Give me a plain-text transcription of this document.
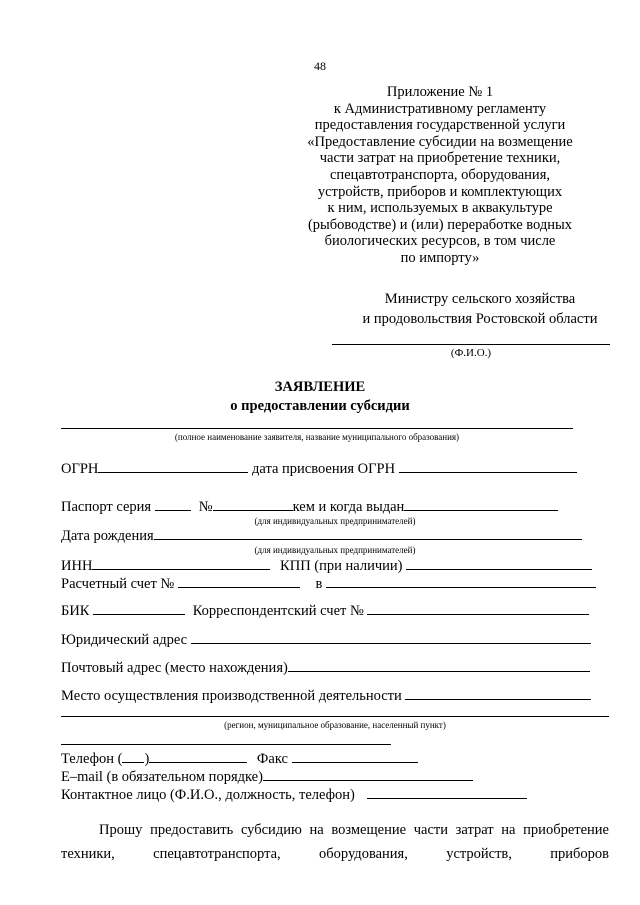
48
Приложение № 1
к Административному регламенту
предоставления государственной услуги
«Предоставление субсидии на возмещение
части затрат на приобретение техники,
спецавтотранспорта, оборудования,
устройств, приборов и комплектующих
к ним, используемых в аквакультуре
(рыбоводстве) и (или) переработке водных
биологических ресурсов, в том числе
по импорту»
Министру сельского хозяйства
и продовольствия Ростовской области
(Ф.И.О.)
ЗАЯВЛЕНИЕ
о предоставлении субсидии
(полное наименование заявителя, название муниципального образования)
ОГРН	дата присвоения ОГРН
Паспорт серия	№	кем и когда выдан
(для индивидуальных предпринимателей)
Дата рождения
(для индивидуальных предпринимателей)
ИНН	КПП (при наличии)
Расчетный счет №	в
БИК	Корреспондентский счет №
Юридический адрес
Почтовый адрес (место нахождения)
Место осуществления производственной деятельности
(регион, муниципальное образование, населенный пункт)
Телефон ( )	Факс
E–mail (в обязательном порядке)
Контактное лицо (Ф.И.О., должность, телефон)
Прошу предоставить субсидию на возмещение части затрат на приобретение
техники, спецавтотранспорта, оборудования, устройств, приборов
